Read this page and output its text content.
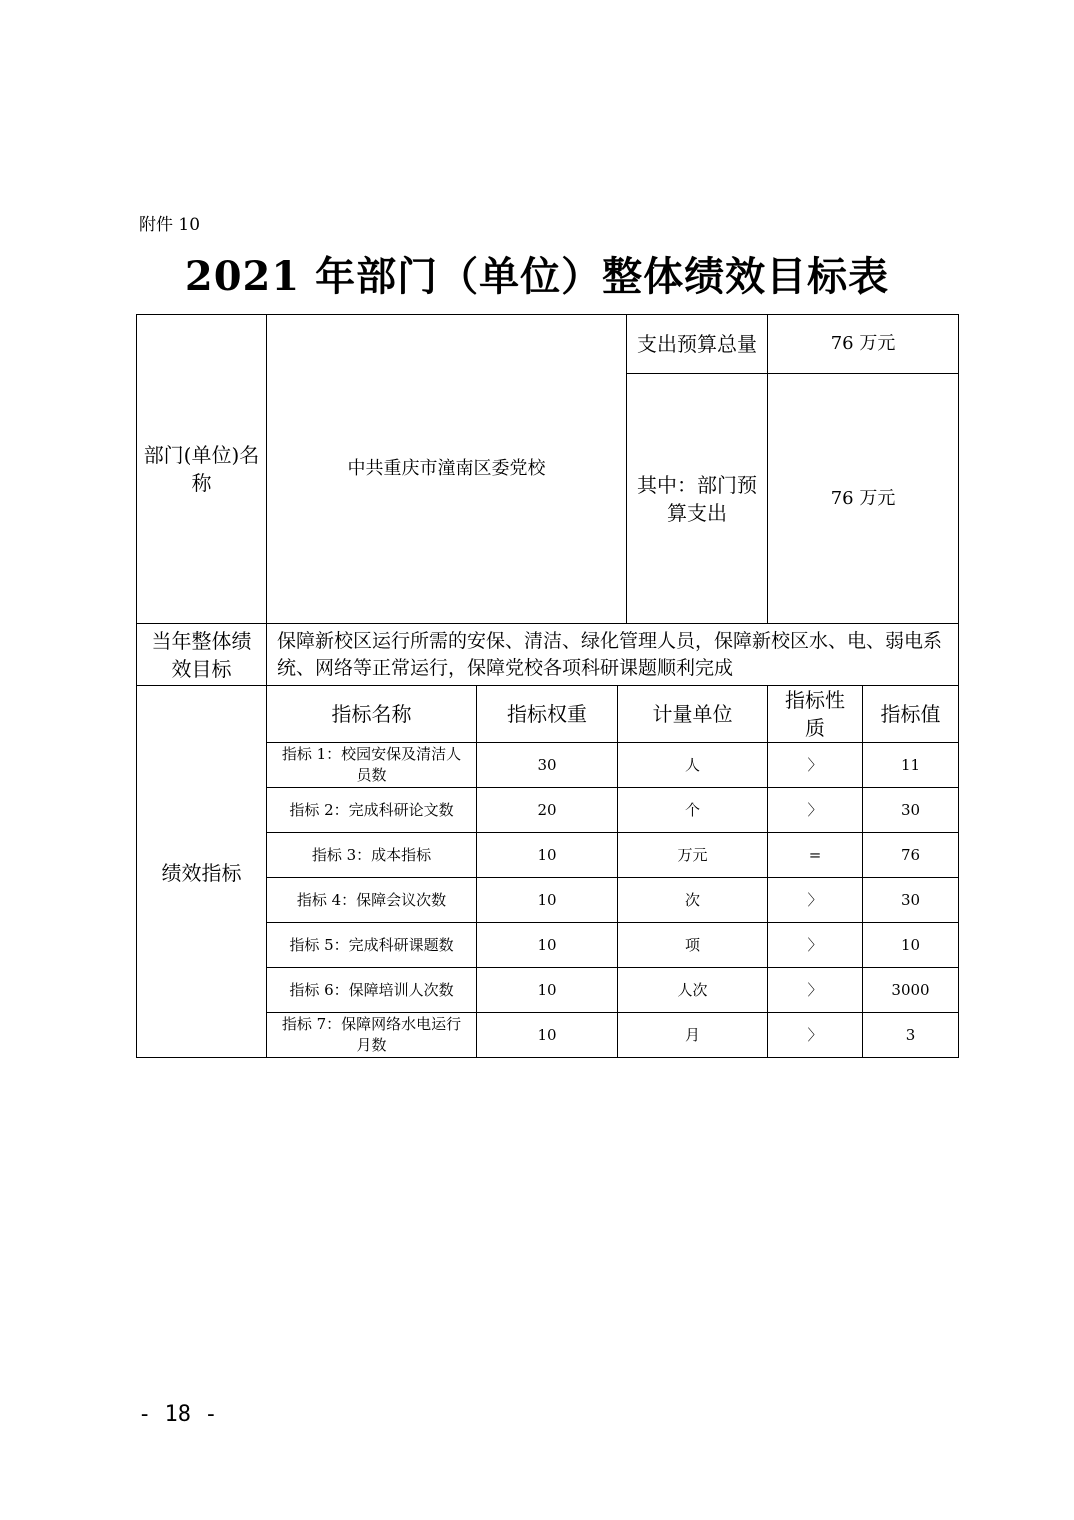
附件 10
2021 年部门（单位）整体绩效目标表
部门(单位)名称	中共重庆市潼南区委党校			支出预算总量	76 万元	
				其中：部门预算支出	76 万元	
当年整体绩效目标	保障新校区运行所需的安保、清洁、绿化管理人员，保障新校区水、电、弱电系统、网络等正常运行，保障党校各项科研课题顺利完成					
绩效指标	指标名称	指标权重	计量单位		指标性质	指标值
	指标 1：校园安保及清洁人员数	30	人		〉	11
	指标 2：完成科研论文数	20	个		〉	30
	指标 3：成本指标	10	万元		=	76
	指标 4：保障会议次数	10	次		〉	30
	指标 5：完成科研课题数	10	项		〉	10
	指标 6：保障培训人次数	10	人次		〉	3000
	指标 7：保障网络水电运行月数	10	月		〉	3
- 18 -
